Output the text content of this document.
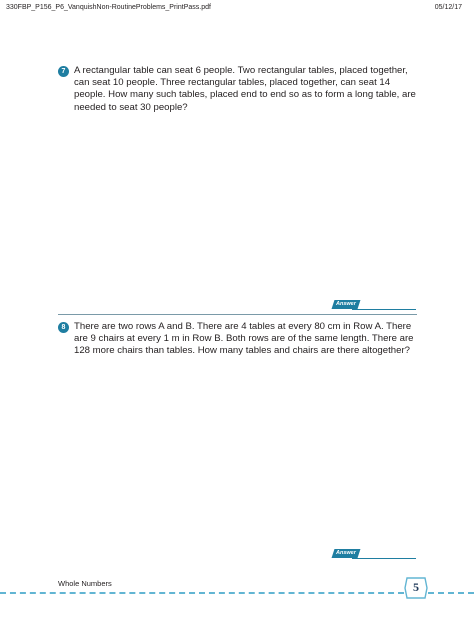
330FBP_P156_P6_VanquishNon-RoutineProblems_PrintPass.pdf	05/12/17
7 A rectangular table can seat 6 people. Two rectangular tables, placed together, can seat 10 people. Three rectangular tables, placed together, can seat 14 people. How many such tables, placed end to end so as to form a long table, are needed to seat 30 people?
Answer
8 There are two rows A and B. There are 4 tables at every 80 cm in Row A. There are 9 chairs at every 1 m in Row B. Both rows are of the same length. There are 128 more chairs than tables. How many tables and chairs are there altogether?
Answer
Whole Numbers	5
